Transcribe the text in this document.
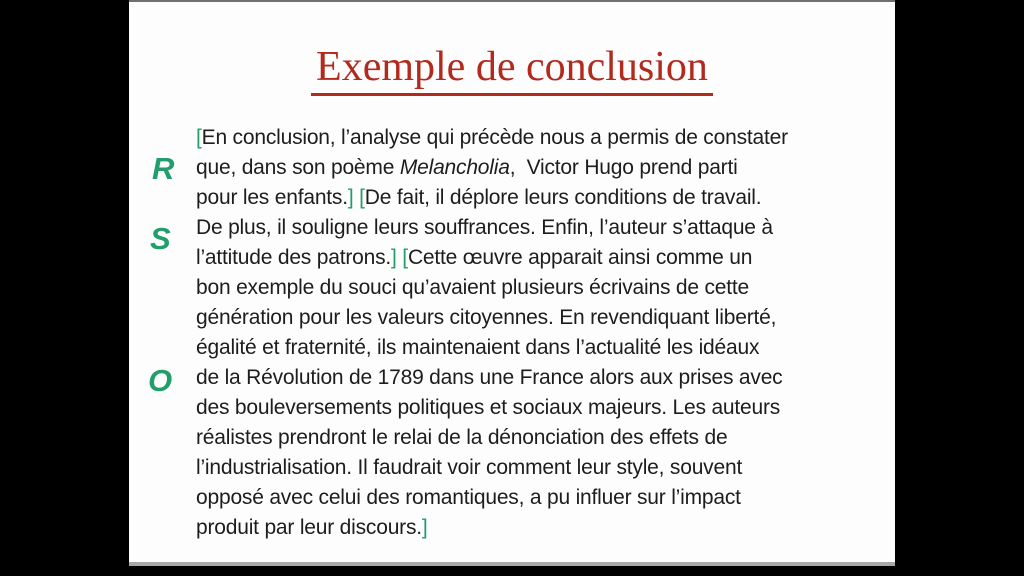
Exemple de conclusion
R
S
O
[En conclusion, l’analyse qui précède nous a permis de constater
que, dans son poème Melancholia,  Victor Hugo prend parti
pour les enfants.] [De fait, il déplore leurs conditions de travail.
De plus, il souligne leurs souffrances. Enfin, l’auteur s’attaque à
l’attitude des patrons.] [Cette œuvre apparait ainsi comme un
bon exemple du souci qu’avaient plusieurs écrivains de cette
génération pour les valeurs citoyennes. En revendiquant liberté,
égalité et fraternité, ils maintenaient dans l’actualité les idéaux
de la Révolution de 1789 dans une France alors aux prises avec
des bouleversements politiques et sociaux majeurs. Les auteurs
réalistes prendront le relai de la dénonciation des effets de
l’industrialisation. Il faudrait voir comment leur style, souvent
opposé avec celui des romantiques, a pu influer sur l’impact
produit par leur discours.]
